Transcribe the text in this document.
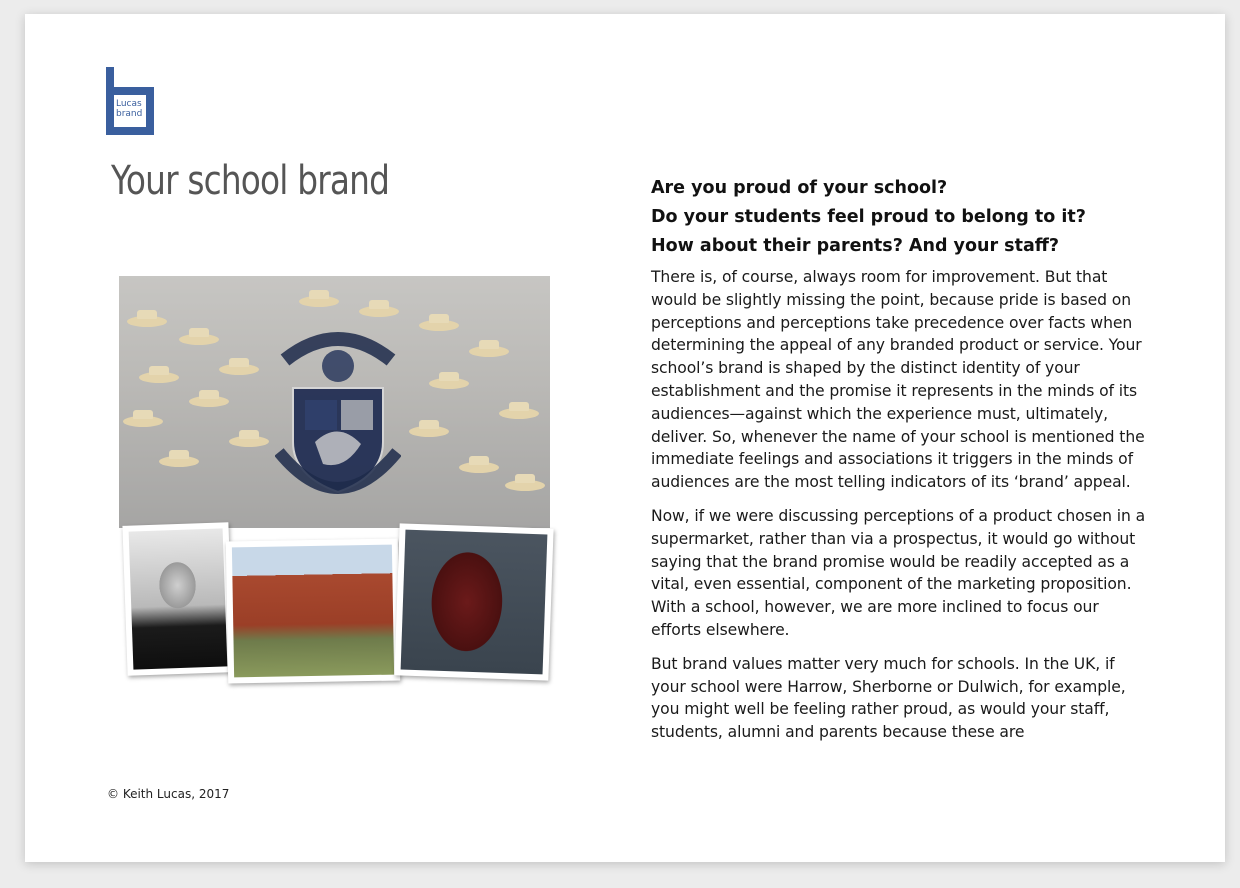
Lucas
brand
Your school brand	Are you proud of your school?
Do your students feel proud to belong to it?
How about their parents? And your staff?

There is, of course, always room for improvement. But that would be slightly missing the point, because pride is based on perceptions and perceptions take precedence over facts when determining the appeal of any branded product or service. Your school’s brand is shaped by the distinct identity of your establishment and the promise it represents in the minds of its audiences—against which the experience must, ultimately, deliver. So, whenever the name of your school is mentioned the immediate feelings and associations it triggers in the minds of audiences are the most telling indicators of its ‘brand’ appeal.

Now, if we were discussing perceptions of a product chosen in a supermarket, rather than via a prospectus, it would go without saying that the brand promise would be readily accepted as a vital, even essential, component of the marketing proposition. With a school, however, we are more inclined to focus our efforts elsewhere.

But brand values matter very much for schools. In the UK, if your school were Harrow, Sherborne or Dulwich, for example, you might well be feeling rather proud, as would your staff, students, alumni and parents because these are

© Keith Lucas, 2017
